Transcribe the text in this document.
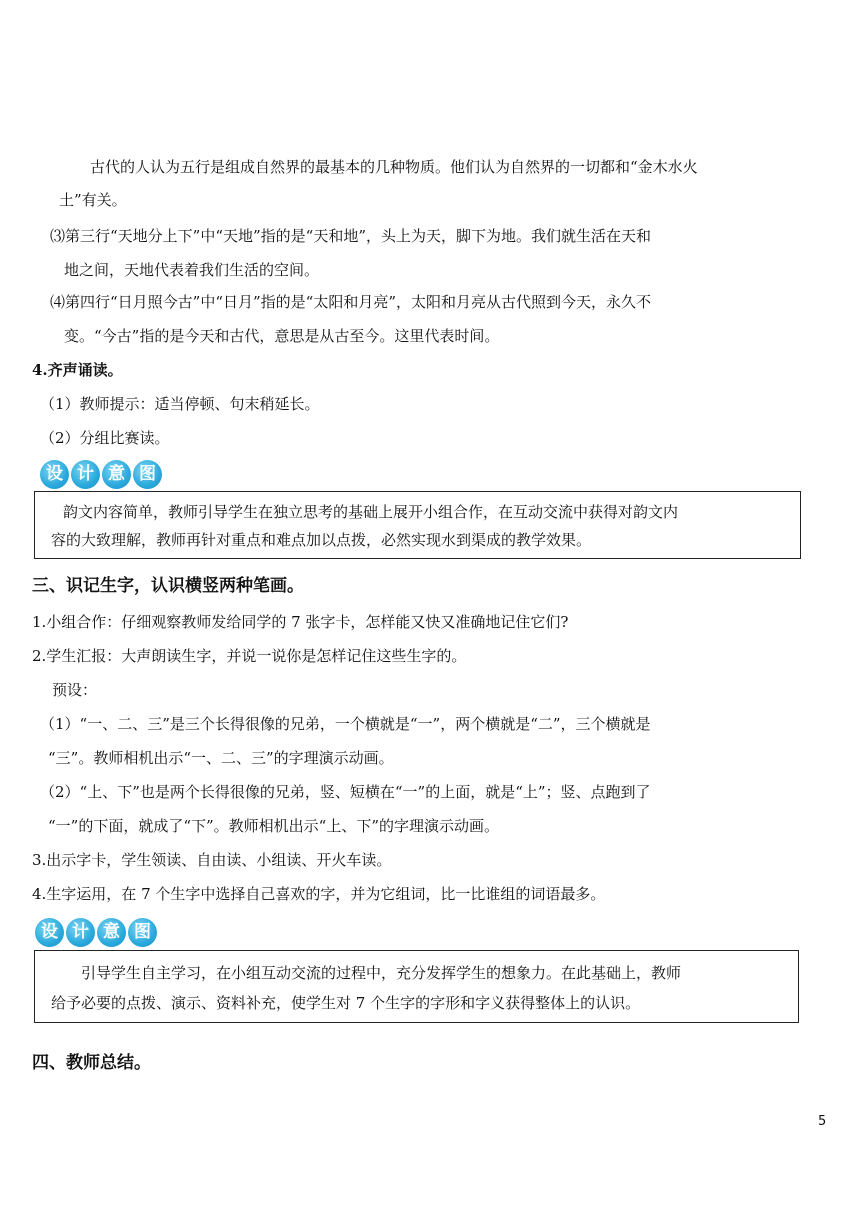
古代的人认为五行是组成自然界的最基本的几种物质。他们认为自然界的一切都和“金木水火

土”有关。

⑶第三行“天地分上下”中“天地”指的是“天和地”，头上为天，脚下为地。我们就生活在天和

地之间，天地代表着我们生活的空间。

⑷第四行“日月照今古”中“日月”指的是“太阳和月亮”，太阳和月亮从古代照到今天，永久不

变。“今古”指的是今天和古代，意思是从古至今。这里代表时间。

4.齐声诵读。

（1）教师提示：适当停顿、句末稍延长。

（2）分组比赛读。

设 计 意 图

韵文内容简单，教师引导学生在独立思考的基础上展开小组合作，在互动交流中获得对韵文内

容的大致理解，教师再针对重点和难点加以点拨，必然实现水到渠成的教学效果。

三、识记生字，认识横竖两种笔画。

1.小组合作：仔细观察教师发给同学的 7 张字卡，怎样能又快又准确地记住它们?

2.学生汇报：大声朗读生字，并说一说你是怎样记住这些生字的。

预设：

（1）“一、二、三”是三个长得很像的兄弟，一个横就是“一”，两个横就是“二”，三个横就是

“三”。教师相机出示“一、二、三”的字理演示动画。

（2）“上、下”也是两个长得很像的兄弟，竖、短横在“一”的上面，就是“上”；竖、点跑到了

“一”的下面，就成了“下”。教师相机出示“上、下”的字理演示动画。

3.出示字卡，学生领读、自由读、小组读、开火车读。

4.生字运用，在 7 个生字中选择自己喜欢的字，并为它组词，比一比谁组的词语最多。

设 计 意 图

引导学生自主学习，在小组互动交流的过程中，充分发挥学生的想象力。在此基础上，教师

给予必要的点拨、演示、资料补充，使学生对 7 个生字的字形和字义获得整体上的认识。

四、教师总结。

5
